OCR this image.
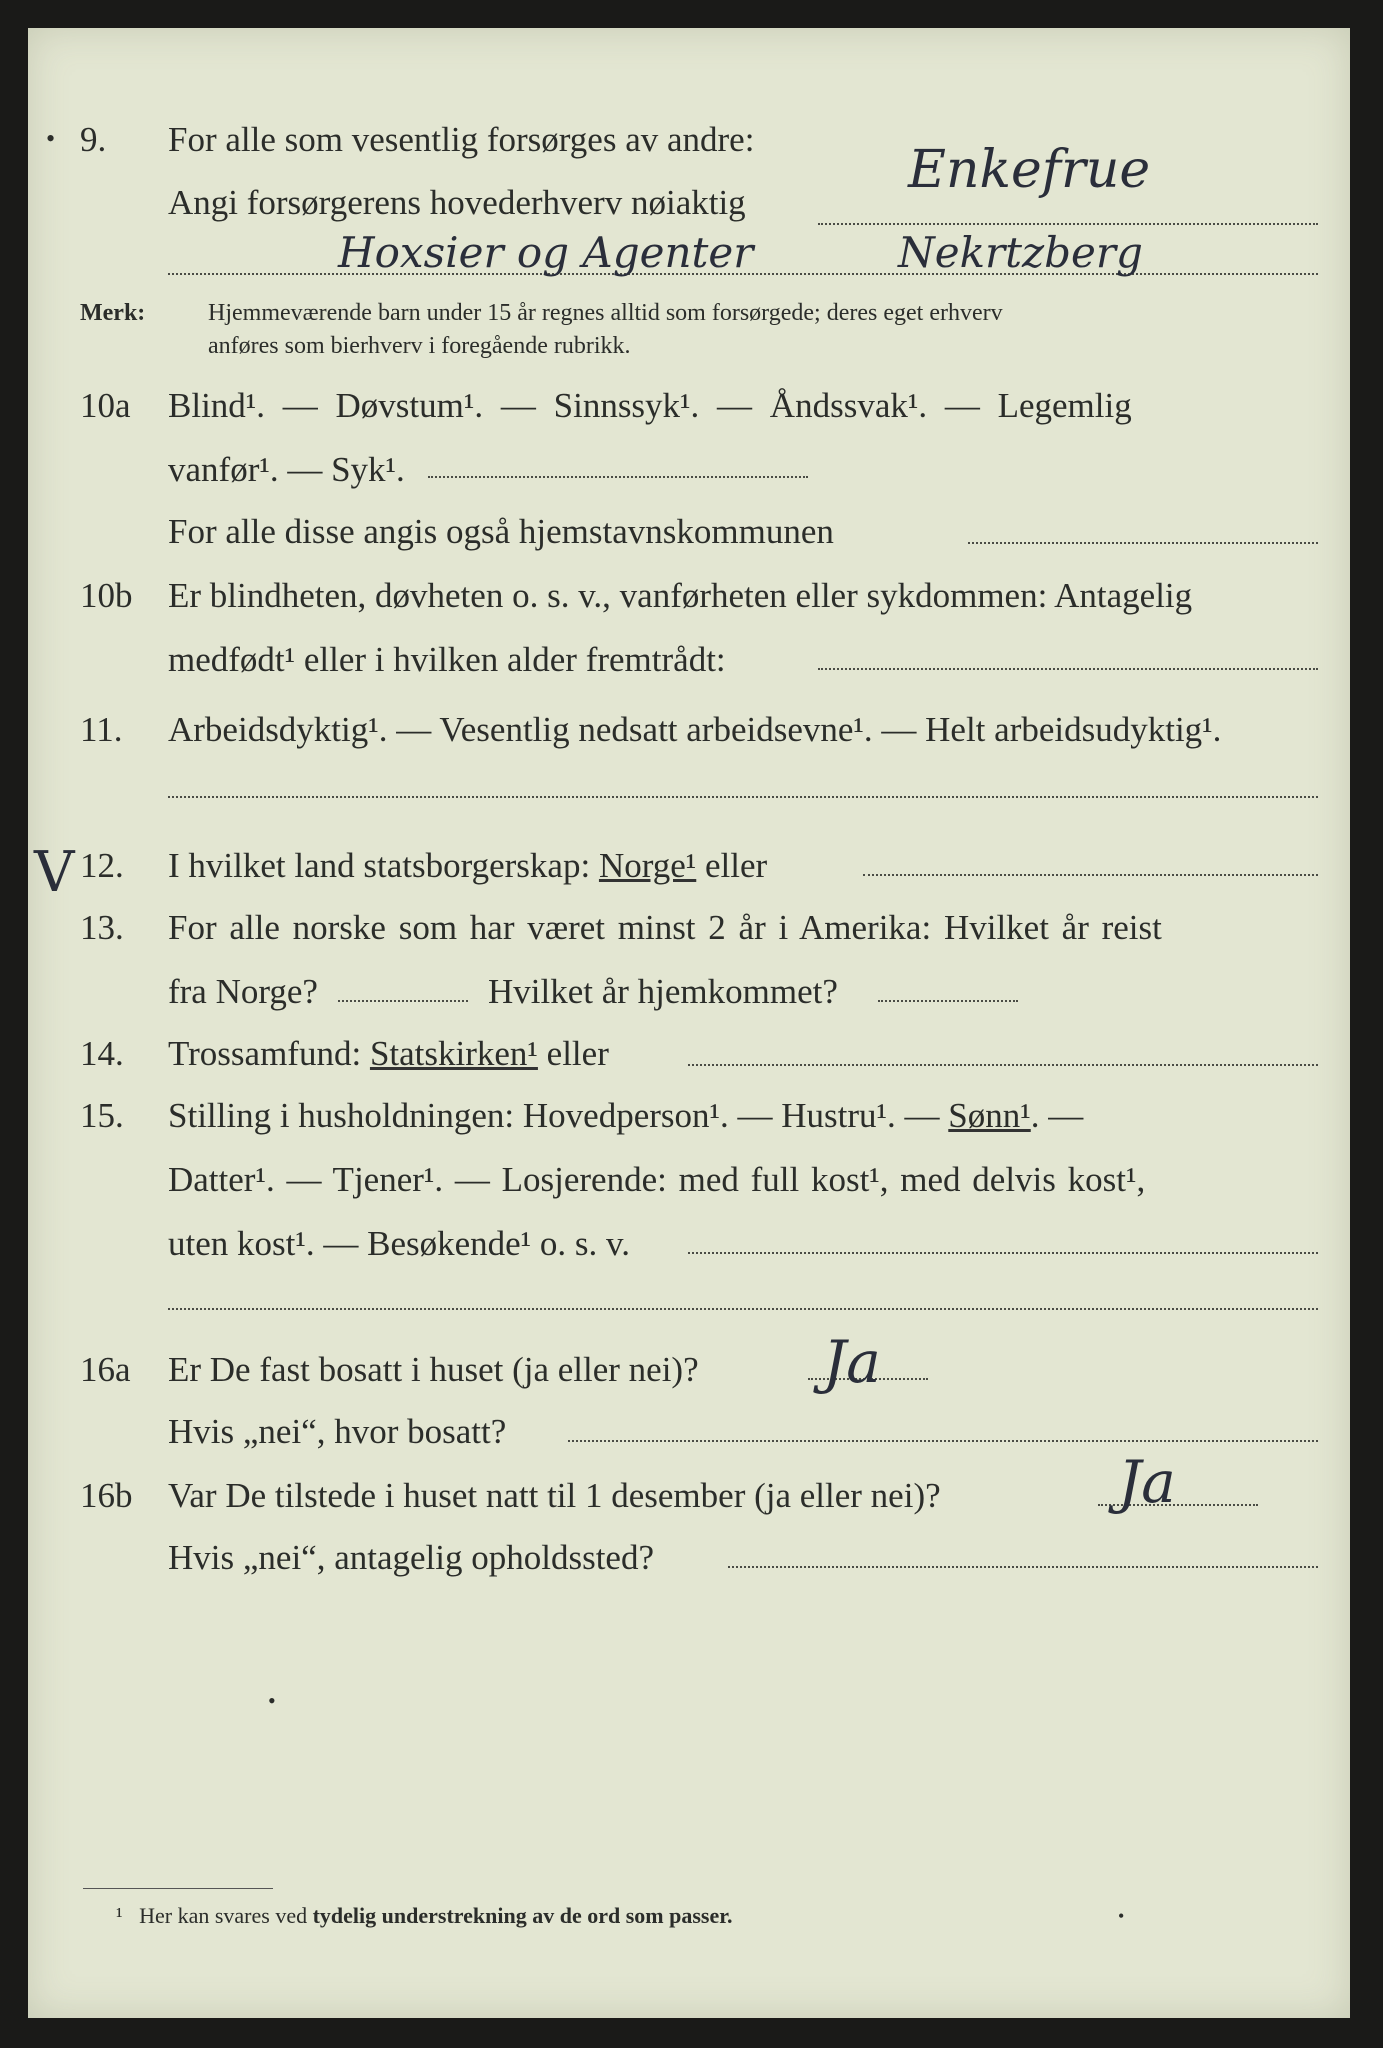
• 9.	For alle som vesentlig forsørges av andre:
Angi forsørgerens hovederhverv nøiaktig
Enkefrue
Hoxsier og Agenter	Nekrtzberg
Merk:	Hjemmeværende barn under 15 år regnes alltid som forsørgede; deres eget erhverv
anføres som bierhverv i foregående rubrikk.
10a	Blind¹. — Døvstum¹. — Sinnssyk¹. — Åndssvak¹. — Legemlig
vanfør¹. — Syk¹.
For alle disse angis også hjemstavnskommunen
10b	Er blindheten, døvheten o. s. v., vanførheten eller sykdommen: Antagelig
medfødt¹ eller i hvilken alder fremtrådt:
11.	Arbeidsdyktig¹. — Vesentlig nedsatt arbeidsevne¹. — Helt arbeidsudyktig¹.
V 12.	I hvilket land statsborgerskap: Norge¹ eller
13.	For alle norske som har været minst 2 år i Amerika: Hvilket år reist
fra Norge?	Hvilket år hjemkommet?
14.	Trossamfund: Statskirken¹ eller
15.	Stilling i husholdningen: Hovedperson¹. — Hustru¹. — Sønn¹. —
Datter¹. — Tjener¹. — Losjerende: med full kost¹, med delvis kost¹,
uten kost¹. — Besøkende¹ o. s. v.
16a	Er De fast bosatt i huset (ja eller nei)? Ja
Hvis „nei“, hvor bosatt?
16b	Var De tilstede i huset natt til 1 desember (ja eller nei)?	Ja
Hvis „nei“, antagelig opholdssted?
•
¹ Her kan svares ved tydelig understrekning av de ord som passer.	•
